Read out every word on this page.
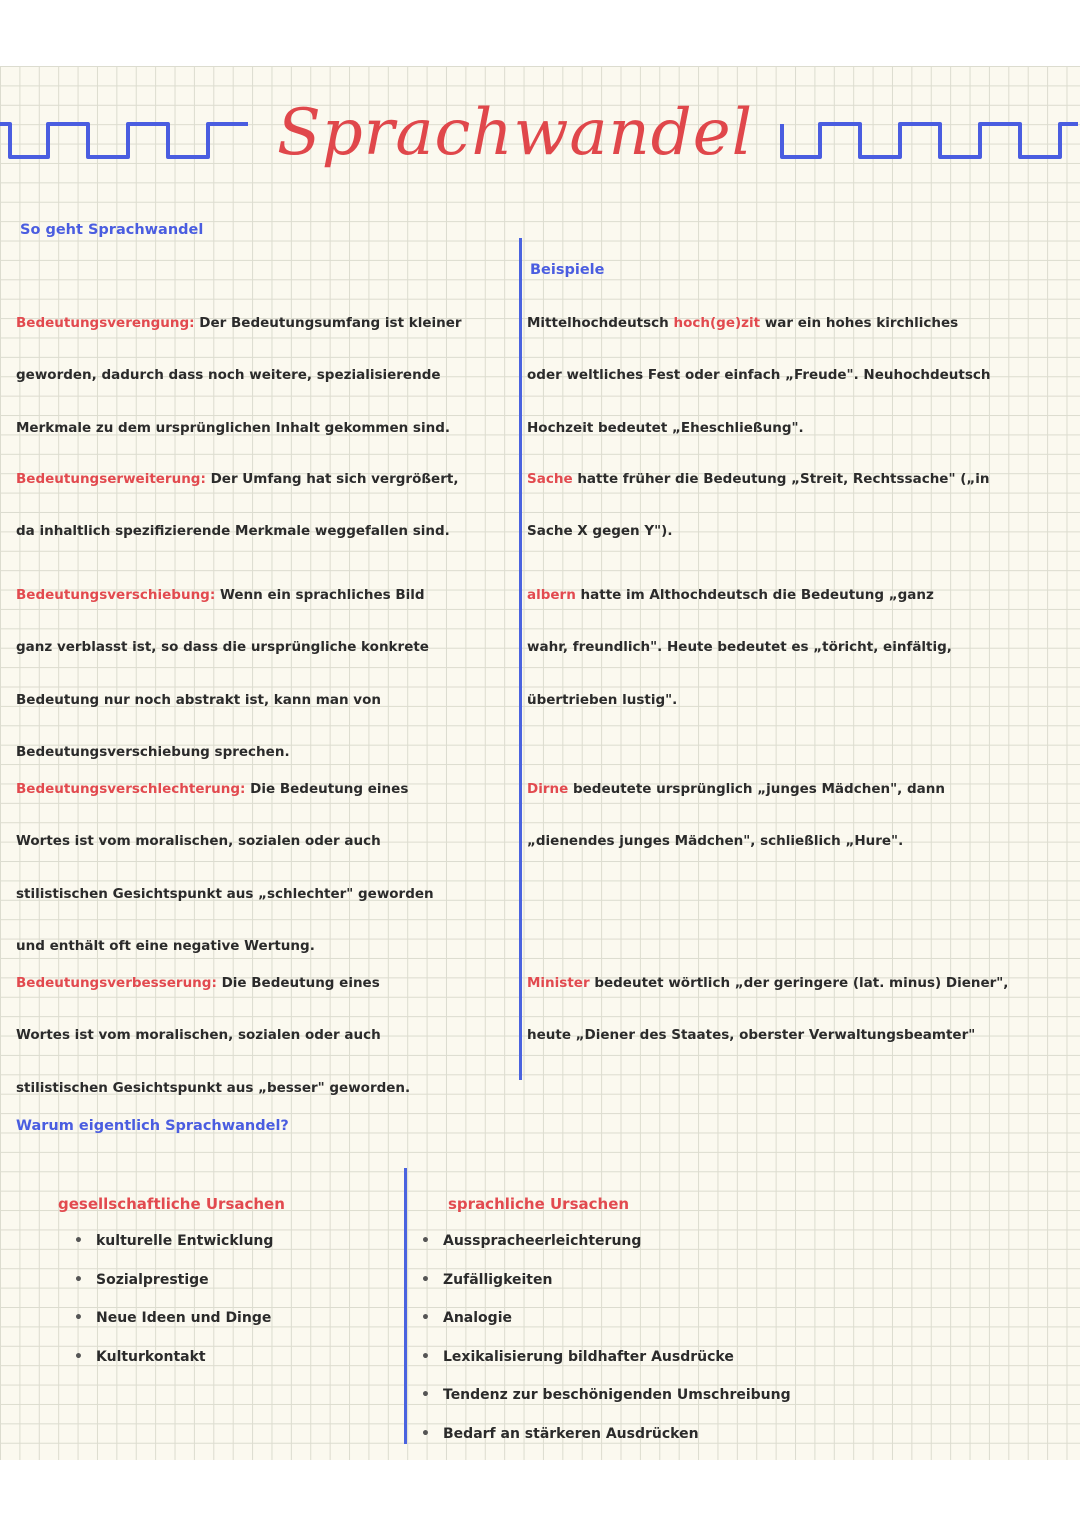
Sprachwandel
So geht Sprachwandel
Beispiele

Bedeutungsverengung: Der Bedeutungsumfang ist kleiner

geworden, dadurch dass noch weitere, spezialisierende

Merkmale zu dem ursprünglichen Inhalt gekommen sind.

Mittelhochdeutsch hoch(ge)zit war ein hohes kirchliches

oder weltliches Fest oder einfach „Freude". Neuhochdeutsch

Hochzeit bedeutet „Eheschließung".

Bedeutungserweiterung: Der Umfang hat sich vergrößert,

da inhaltlich spezifizierende Merkmale weggefallen sind.

Sache hatte früher die Bedeutung „Streit, Rechtssache" („in

Sache X gegen Y").

Bedeutungsverschiebung: Wenn ein sprachliches Bild

ganz verblasst ist, so dass die ursprüngliche konkrete

Bedeutung nur noch abstrakt ist, kann man von

Bedeutungsverschiebung sprechen.

albern hatte im Althochdeutsch die Bedeutung „ganz

wahr, freundlich". Heute bedeutet es „töricht, einfältig,

übertrieben lustig".

Bedeutungsverschlechterung: Die Bedeutung eines

Wortes ist vom moralischen, sozialen oder auch

stilistischen Gesichtspunkt aus „schlechter" geworden

und enthält oft eine negative Wertung.

Dirne bedeutete ursprünglich „junges Mädchen", dann

„dienendes junges Mädchen", schließlich „Hure".

Bedeutungsverbesserung: Die Bedeutung eines

Wortes ist vom moralischen, sozialen oder auch

stilistischen Gesichtspunkt aus „besser" geworden.

Minister bedeutet wörtlich „der geringere (lat. minus) Diener",

heute „Diener des Staates, oberster Verwaltungsbeamter"

Warum eigentlich Sprachwandel?
gesellschaftliche Ursachen
• kulturelle Entwicklung
• Sozialprestige
• Neue Ideen und Dinge
• Kulturkontakt
sprachliche Ursachen
• Ausspracheerleichterung
• Zufälligkeiten
• Analogie
• Lexikalisierung bildhafter Ausdrücke
• Tendenz zur beschönigenden Umschreibung
• Bedarf an stärkeren Ausdrücken
